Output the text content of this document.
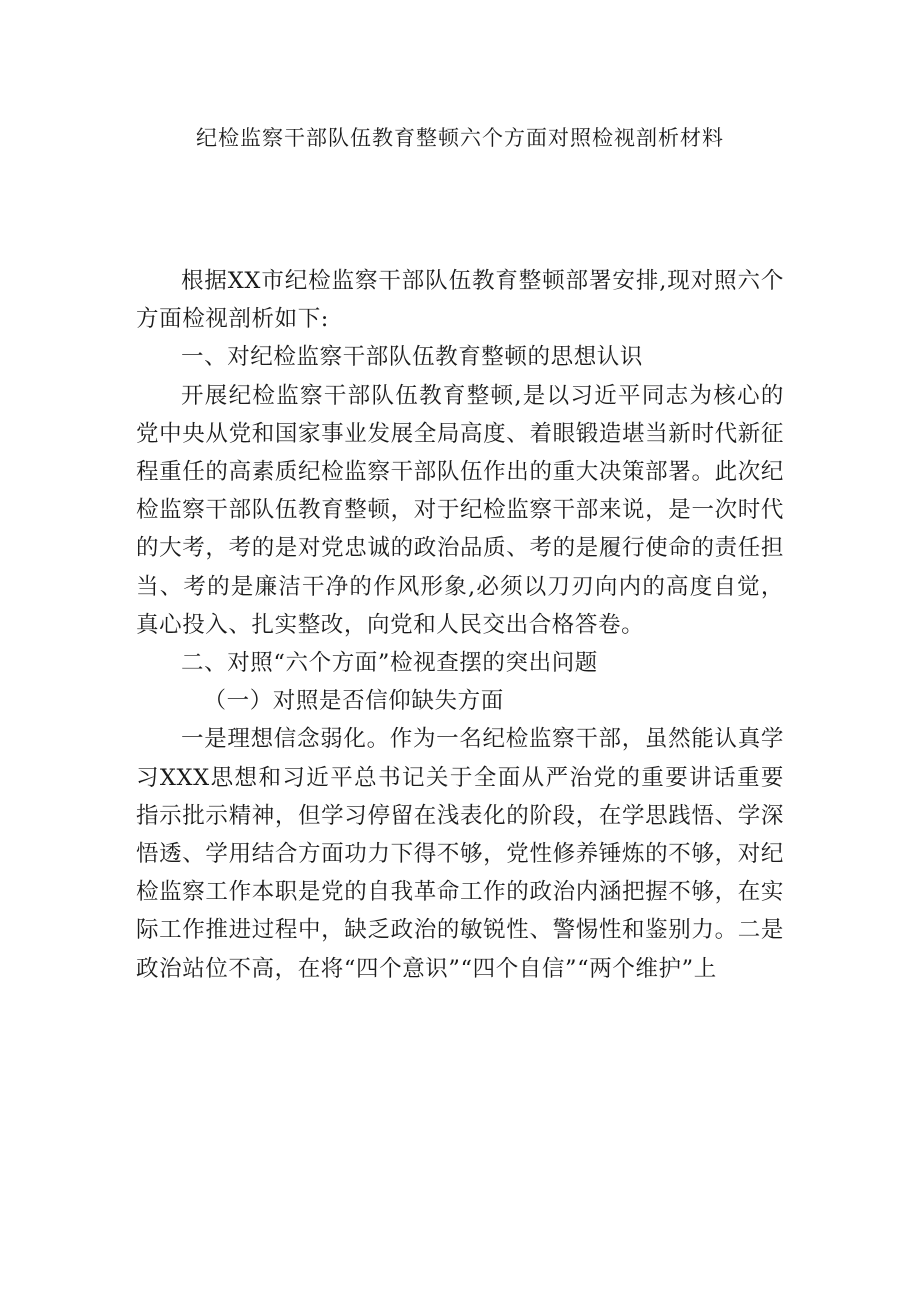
纪检监察干部队伍教育整顿六个方面对照检视剖析材料

根据XX市纪检监察干部队伍教育整顿部署安排,现对照六个方面检视剖析如下:

一、对纪检监察干部队伍教育整顿的思想认识

开展纪检监察干部队伍教育整顿,是以习近平同志为核心的党中央从党和国家事业发展全局高度、着眼锻造堪当新时代新征程重任的高素质纪检监察干部队伍作出的重大决策部署。此次纪检监察干部队伍教育整顿，对于纪检监察干部来说，是一次时代的大考，考的是对党忠诚的政治品质、考的是履行使命的责任担当、考的是廉洁干净的作风形象,必须以刀刃向内的高度自觉，真心投入、扎实整改，向党和人民交出合格答卷。

二、对照“六个方面”检视查摆的突出问题

（一）对照是否信仰缺失方面

一是理想信念弱化。作为一名纪检监察干部，虽然能认真学习XXX思想和习近平总书记关于全面从严治党的重要讲话重要指示批示精神，但学习停留在浅表化的阶段，在学思践悟、学深悟透、学用结合方面功力下得不够，党性修养锤炼的不够，对纪检监察工作本职是党的自我革命工作的政治内涵把握不够，在实际工作推进过程中，缺乏政治的敏锐性、警惕性和鉴别力。二是政治站位不高，在将“四个意识”“四个自信”“两个维护”上
